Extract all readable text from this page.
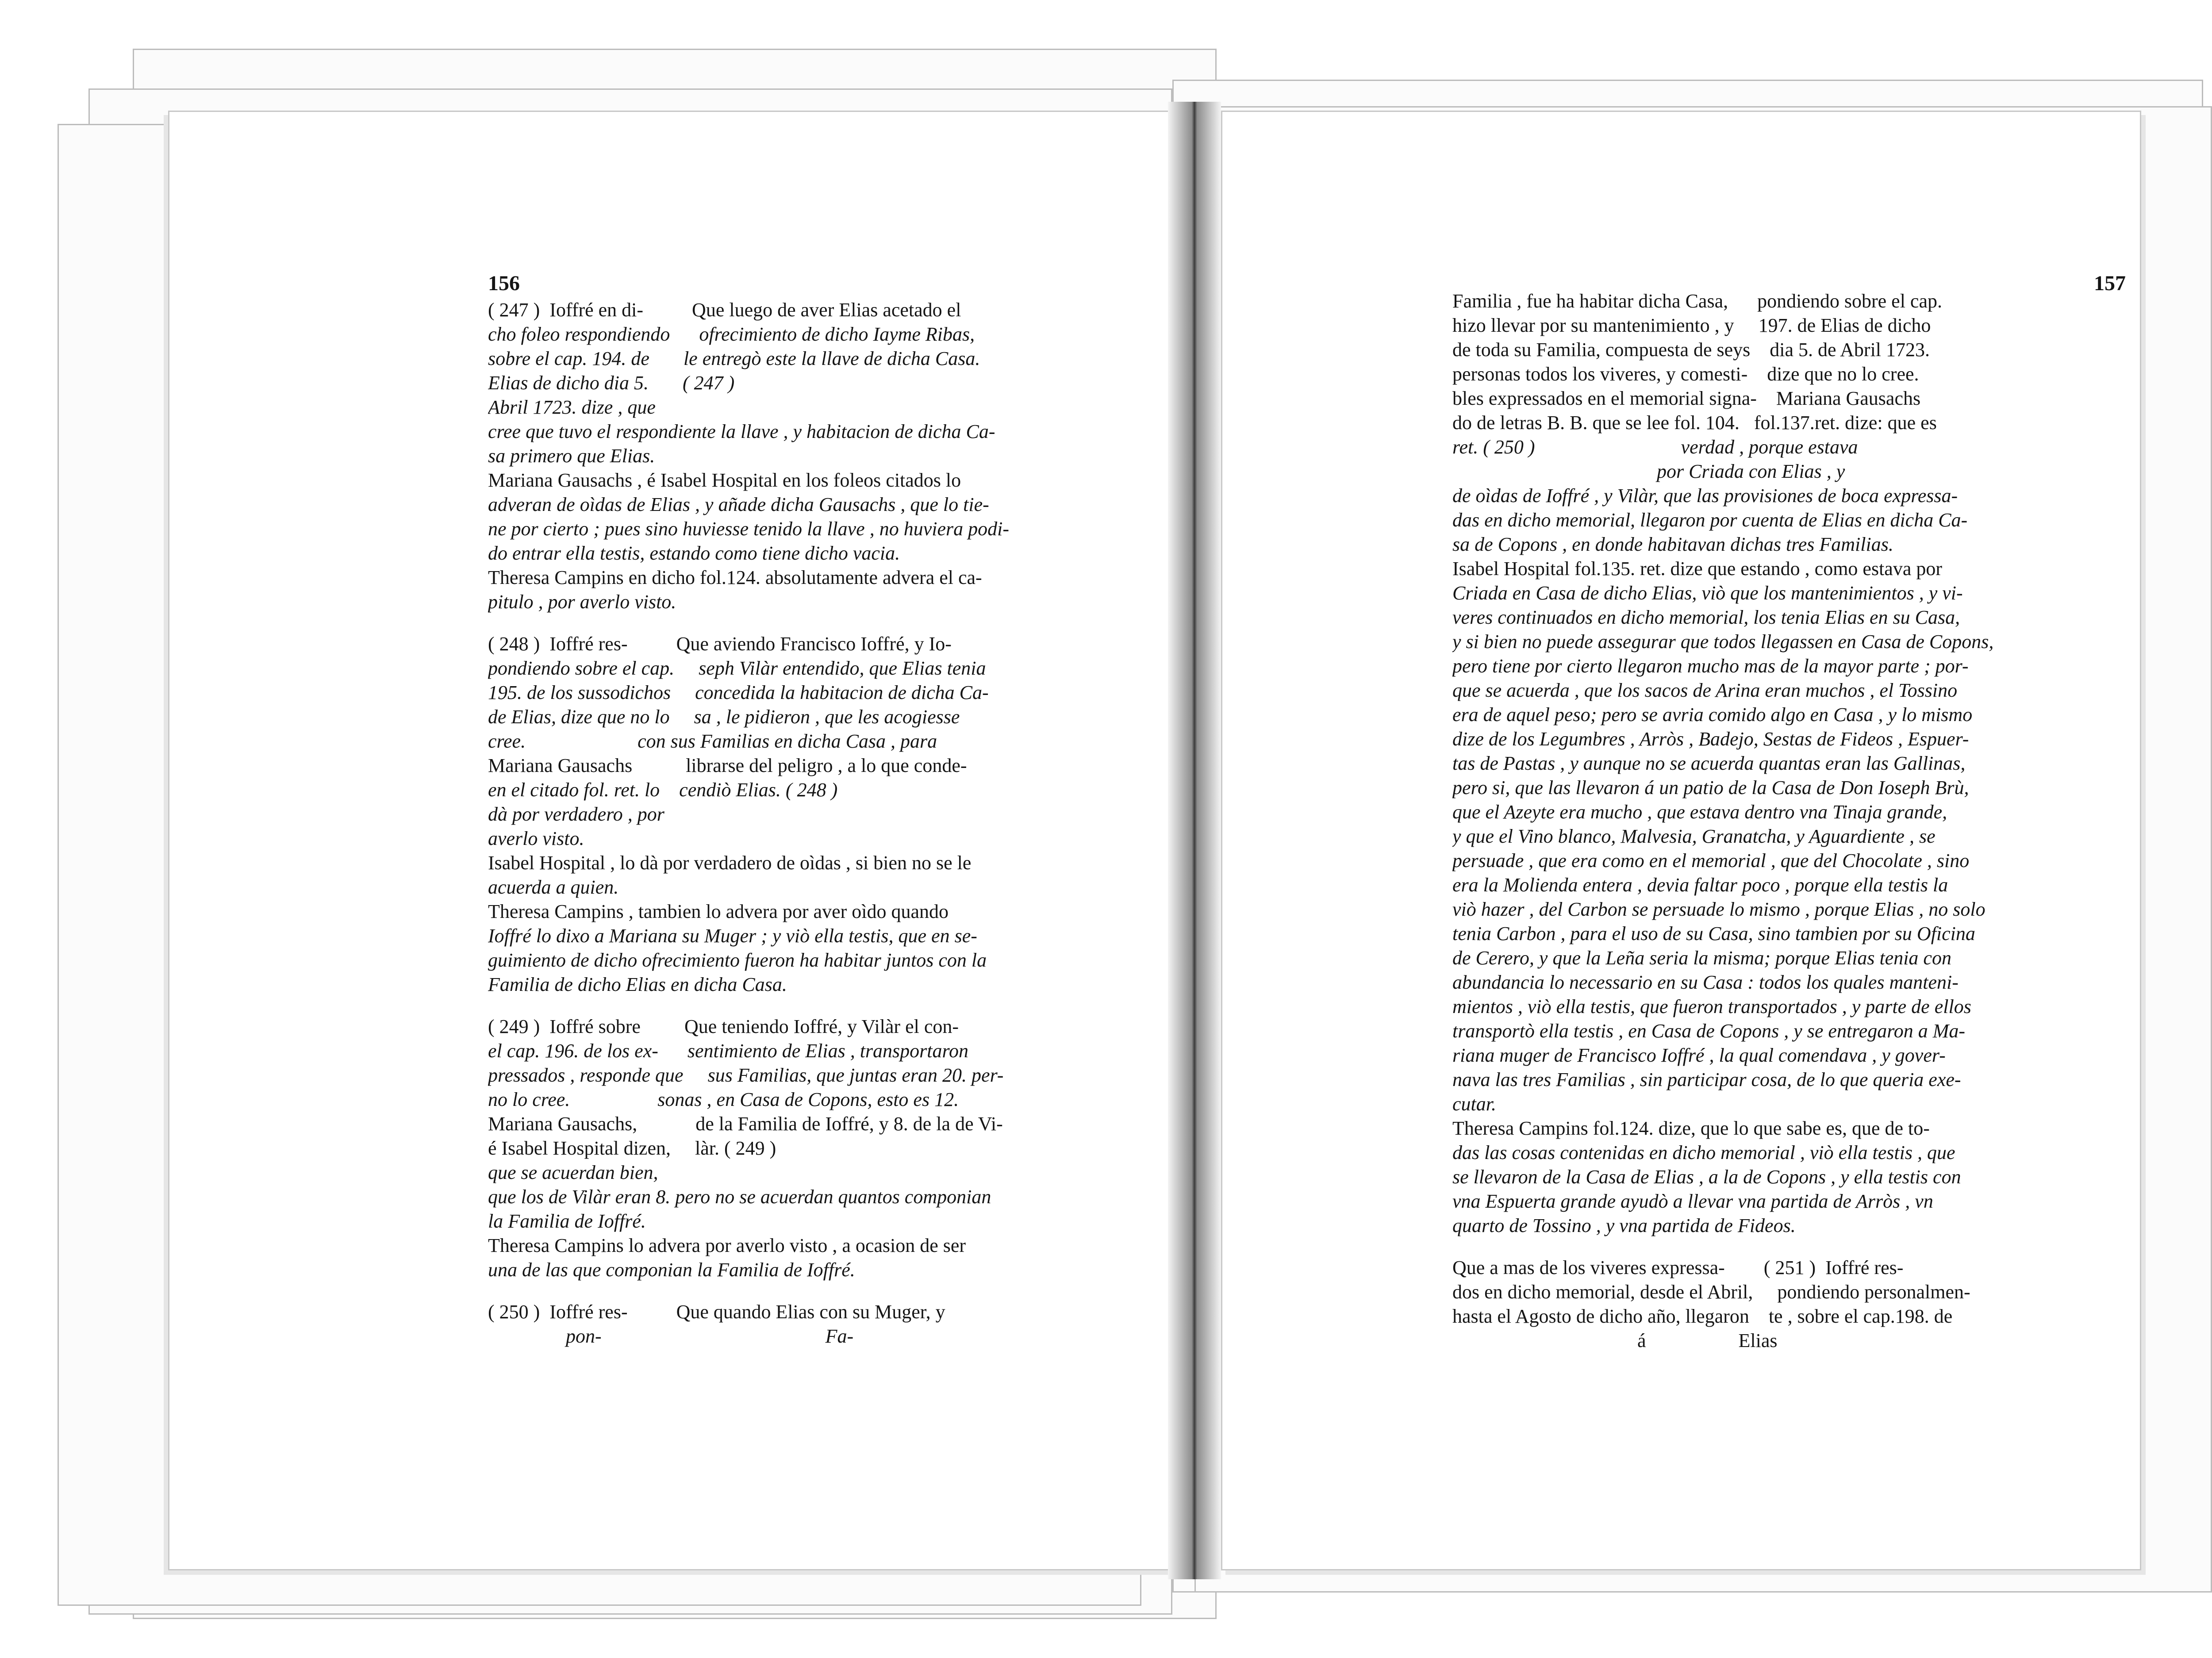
156
( 247 )  Ioffré en di-          Que luego de aver Elias acetado el
cho foleo respondiendo      ofrecimiento de dicho Iayme Ribas,
sobre el cap. 194. de       le entregò este la llave de dicha Casa.
Elias de dicho dia 5.       ( 247 )
Abril 1723. dize , que
cree que tuvo el respondiente la llave , y habitacion de dicha Ca-
sa primero que Elias.
Mariana Gausachs , é Isabel Hospital en los foleos citados lo
adveran de oìdas de Elias , y añade dicha Gausachs , que lo tie-
ne por cierto ; pues sino huviesse tenido la llave , no huviera podi-
do entrar ella testis, estando como tiene dicho vacia.
Theresa Campins en dicho fol.124. absolutamente advera el ca-
pitulo , por averlo visto.
( 248 )  Ioffré res-          Que aviendo Francisco Ioffré, y Io-
pondiendo sobre el cap.     seph Vilàr entendido, que Elias tenia
195. de los sussodichos     concedida la habitacion de dicha Ca-
de Elias, dize que no lo     sa , le pidieron , que les acogiesse
cree.                       con sus Familias en dicha Casa , para
Mariana Gausachs           librarse del peligro , a lo que conde-
en el citado fol. ret. lo    cendiò Elias. ( 248 )
dà por verdadero , por
averlo visto.
Isabel Hospital , lo dà por verdadero de oìdas , si bien no se le
acuerda a quien.
Theresa Campins , tambien lo advera por aver oìdo quando
Ioffré lo dixo a Mariana su Muger ; y viò ella testis, que en se-
guimiento de dicho ofrecimiento fueron ha habitar juntos con la
Familia de dicho Elias en dicha Casa.
( 249 )  Ioffré sobre         Que teniendo Ioffré, y Vilàr el con-
el cap. 196. de los ex-      sentimiento de Elias , transportaron
pressados , responde que     sus Familias, que juntas eran 20. per-
no lo cree.                  sonas , en Casa de Copons, esto es 12.
Mariana Gausachs,            de la Familia de Ioffré, y 8. de la de Vi-
é Isabel Hospital dizen,     làr. ( 249 )
que se acuerdan bien,
que los de Vilàr eran 8. pero no se acuerdan quantos componian
la Familia de Ioffré.
Theresa Campins lo advera por averlo visto , a ocasion de ser
una de las que componian la Familia de Ioffré.
( 250 )  Ioffré res-          Que quando Elias con su Muger, y
pon-                                              Fa-
157
Familia , fue ha habitar dicha Casa,      pondiendo sobre el cap.
hizo llevar por su mantenimiento , y     197. de Elias de dicho
de toda su Familia, compuesta de seys    dia 5. de Abril 1723.
personas todos los viveres, y comesti-    dize que no lo cree.
bles expressados en el memorial signa-    Mariana Gausachs
do de letras B. B. que se lee fol. 104.   fol.137.ret. dize: que es
ret. ( 250 )                              verdad , porque estava
por Criada con Elias , y
de oìdas de Ioffré , y Vilàr, que las provisiones de boca expressa-
das en dicho memorial, llegaron por cuenta de Elias en dicha Ca-
sa de Copons , en donde habitavan dichas tres Familias.
Isabel Hospital fol.135. ret. dize que estando , como estava por
Criada en Casa de dicho Elias, viò que los mantenimientos , y vi-
veres continuados en dicho memorial, los tenia Elias en su Casa,
y si bien no puede assegurar que todos llegassen en Casa de Copons,
pero tiene por cierto llegaron mucho mas de la mayor parte ; por-
que se acuerda , que los sacos de Arina eran muchos , el Tossino
era de aquel peso; pero se avria comido algo en Casa , y lo mismo
dize de los Legumbres , Arròs , Badejo, Sestas de Fideos , Espuer-
tas de Pastas , y aunque no se acuerda quantas eran las Gallinas,
pero si, que las llevaron á un patio de la Casa de Don Ioseph Brù,
que el Azeyte era mucho , que estava dentro vna Tinaja grande,
y que el Vino blanco, Malvesia, Granatcha, y Aguardiente , se
persuade , que era como en el memorial , que del Chocolate , sino
era la Molienda entera , devia faltar poco , porque ella testis la
viò hazer , del Carbon se persuade lo mismo , porque Elias , no solo
tenia Carbon , para el uso de su Casa, sino tambien por su Oficina
de Cerero, y que la Leña seria la misma; porque Elias tenia con
abundancia lo necessario en su Casa : todos los quales manteni-
mientos , viò ella testis, que fueron transportados , y parte de ellos
transportò ella testis , en Casa de Copons , y se entregaron a Ma-
riana muger de Francisco Ioffré , la qual comendava , y gover-
nava las tres Familias , sin participar cosa, de lo que queria exe-
cutar.
Theresa Campins fol.124. dize, que lo que sabe es, que de to-
das las cosas contenidas en dicho memorial , viò ella testis , que
se llevaron de la Casa de Elias , a la de Copons , y ella testis con
vna Espuerta grande ayudò a llevar vna partida de Arròs , vn
quarto de Tossino , y vna partida de Fideos.
Que a mas de los viveres expressa-        ( 251 )  Ioffré res-
dos en dicho memorial, desde el Abril,     pondiendo personalmen-
hasta el Agosto de dicho año, llegaron    te , sobre el cap.198. de
á                   Elias
